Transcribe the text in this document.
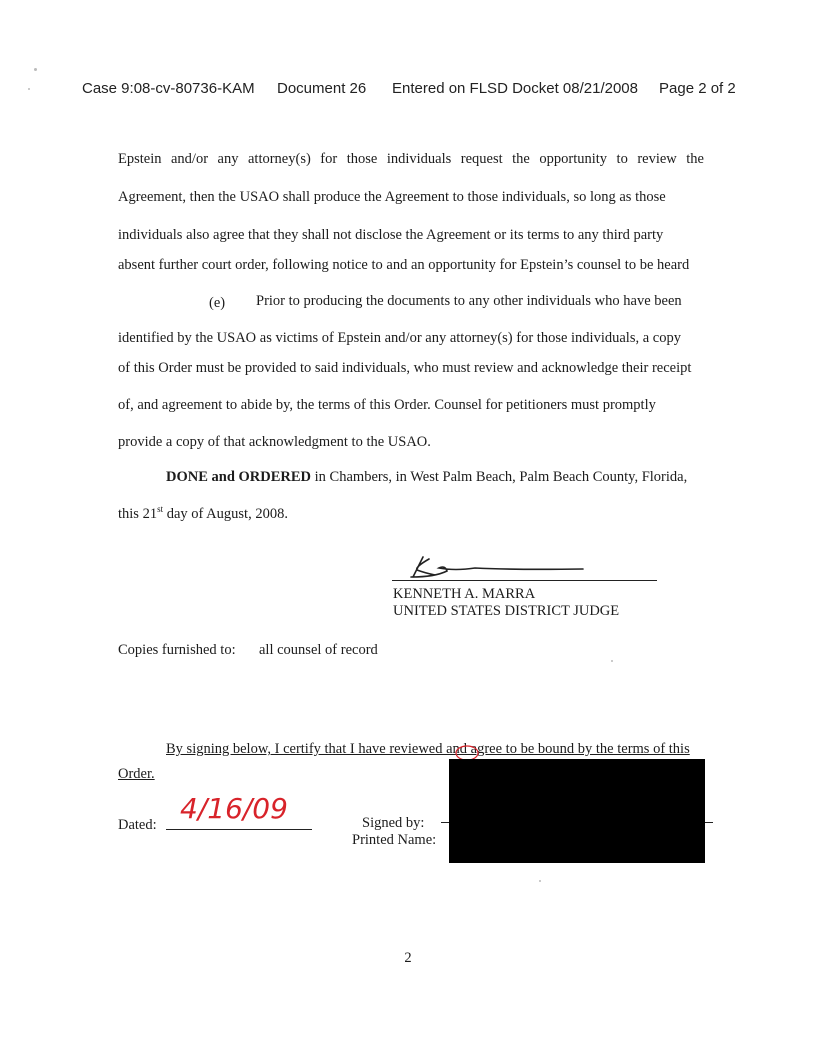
Case 9:08-cv-80736-KAM Document 26 Entered on FLSD Docket 08/21/2008 Page 2 of 2
Epstein and/or any attorney(s) for those individuals request the opportunity to review the
Agreement, then the USAO shall produce the Agreement to those individuals, so long as those
individuals also agree that they shall not disclose the Agreement or its terms to any third party
absent further court order, following notice to and an opportunity for Epstein’s counsel to be heard
(e) Prior to producing the documents to any other individuals who have been
identified by the USAO as victims of Epstein and/or any attorney(s) for those individuals, a copy
of this Order must be provided to said individuals, who must review and acknowledge their receipt
of, and agreement to abide by, the terms of this Order. Counsel for petitioners must promptly
provide a copy of that acknowledgment to the USAO.
DONE and ORDERED in Chambers, in West Palm Beach, Palm Beach County, Florida,
this 21st day of August, 2008.
KENNETH A. MARRA
UNITED STATES DISTRICT JUDGE
Copies furnished to: all counsel of record
By signing below, I certify that I have reviewed and agree to be bound by the terms of this
Order.
Dated: 4/16/09	Signed by:
Printed Name:
2
